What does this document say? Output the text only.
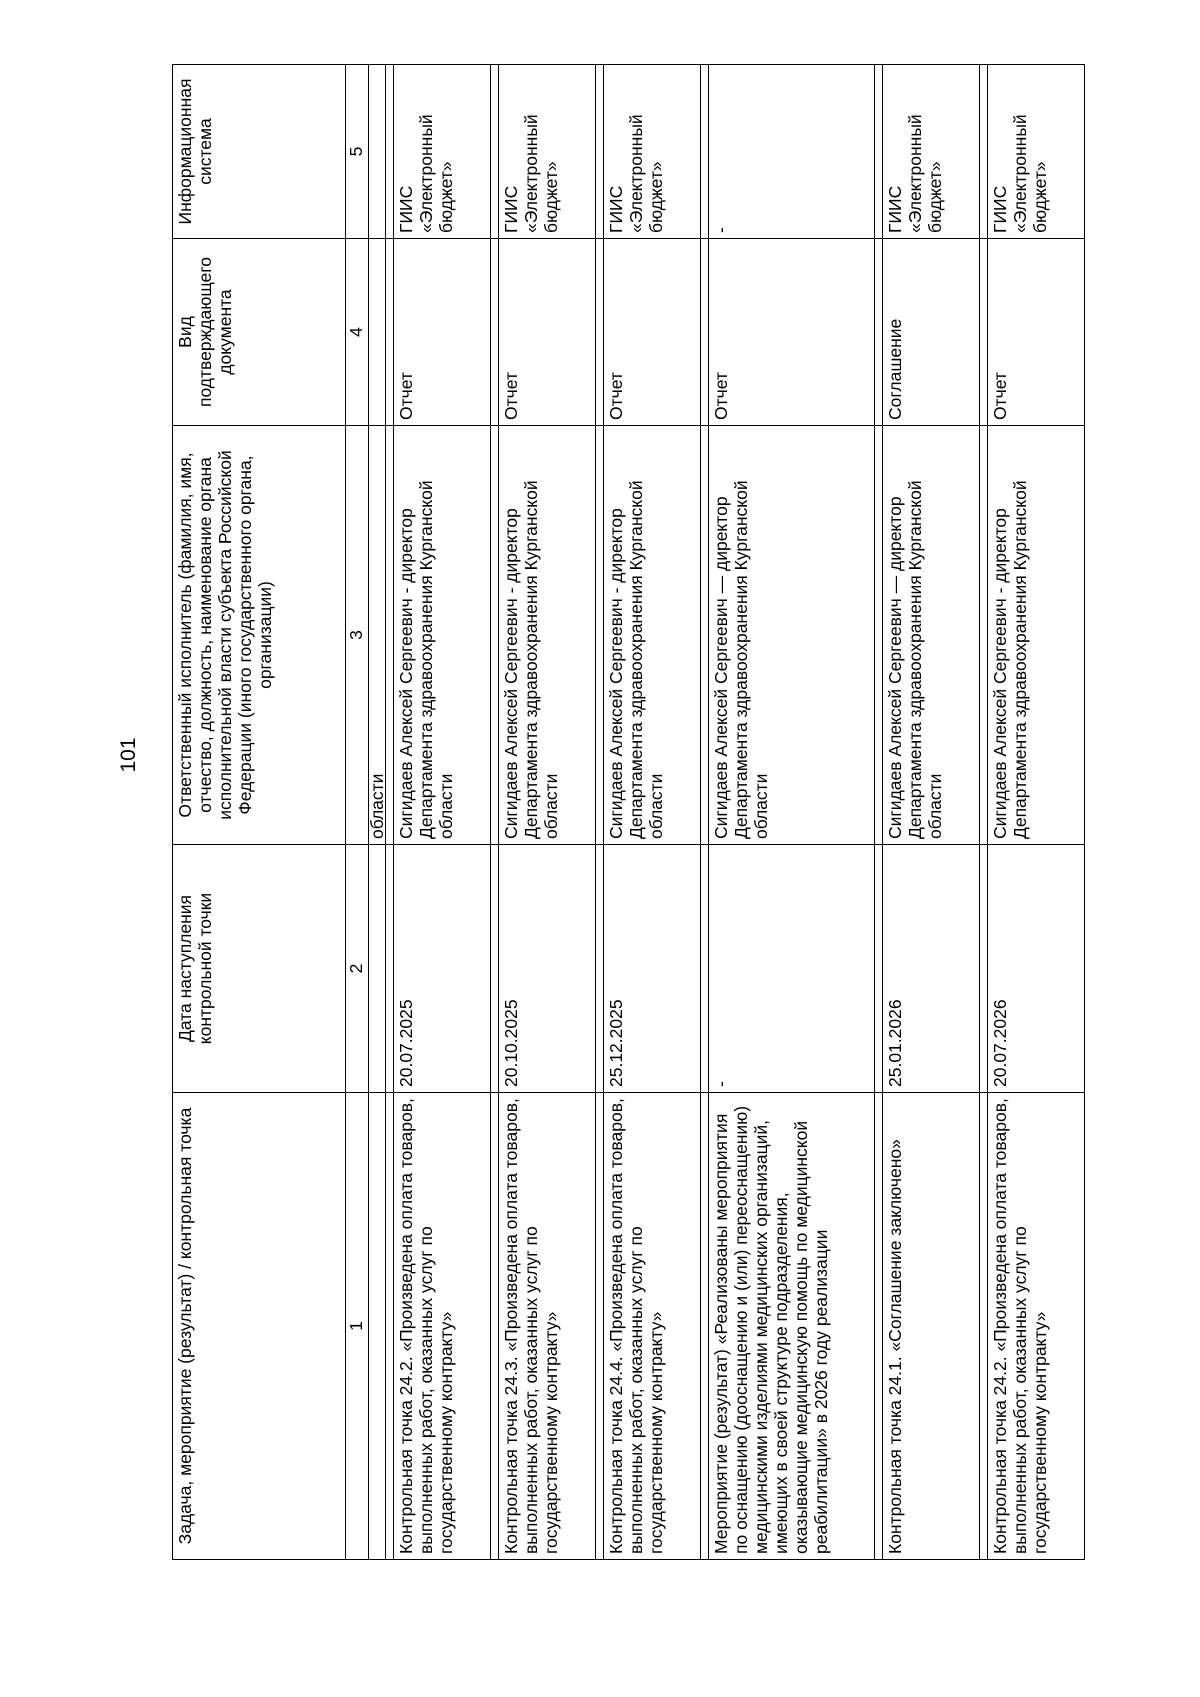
101
Задача, мероприятие (результат) / контрольная точка	Дата наступления контрольной точки	Ответственный исполнитель (фамилия, имя, отчество, должность, наименование органа исполнительной власти субъекта Российской Федерации (иного государственного органа, организации)	Вид подтверждающего документа	Информационная система
1	2	3	4	5
		области		

Контрольная точка 24.2. «Произведена оплата товаров, выполненных работ, оказанных услуг по государственному контракту»	20.07.2025	Сигидаев Алексей Сергеевич - директор Департамента здравоохранения Курганской области	Отчет	ГИИС «Электронный бюджет»

Контрольная точка 24.3. «Произведена оплата товаров, выполненных работ, оказанных услуг по государственному контракту»	20.10.2025	Сигидаев Алексей Сергеевич - директор Департамента здравоохранения Курганской области	Отчет	ГИИС «Электронный бюджет»

Контрольная точка 24.4. «Произведена оплата товаров, выполненных работ, оказанных услуг по государственному контракту»	25.12.2025	Сигидаев Алексей Сергеевич - директор Департамента здравоохранения Курганской области	Отчет	ГИИС «Электронный бюджет»

Мероприятие (результат) «Реализованы мероприятия по оснащению (дооснащению и (или) переоснащению) медицинскими изделиями медицинских организаций, имеющих в своей структуре подразделения, оказывающие медицинскую помощь по медицинской реабилитации» в 2026 году реализации	-	Сигидаев Алексей Сергеевич — директор Департамента здравоохранения Курганской области	Отчет	-

Контрольная точка 24.1. «Соглашение заключено»	25.01.2026	Сигидаев Алексей Сергеевич — директор Департамента здравоохранения Курганской области	Соглашение	ГИИС «Электронный бюджет»

Контрольная точка 24.2. «Произведена оплата товаров, выполненных работ, оказанных услуг по государственному контракту»	20.07.2026	Сигидаев Алексей Сергеевич - директор Департамента здравоохранения Курганской	Отчет	ГИИС «Электронный бюджет»
